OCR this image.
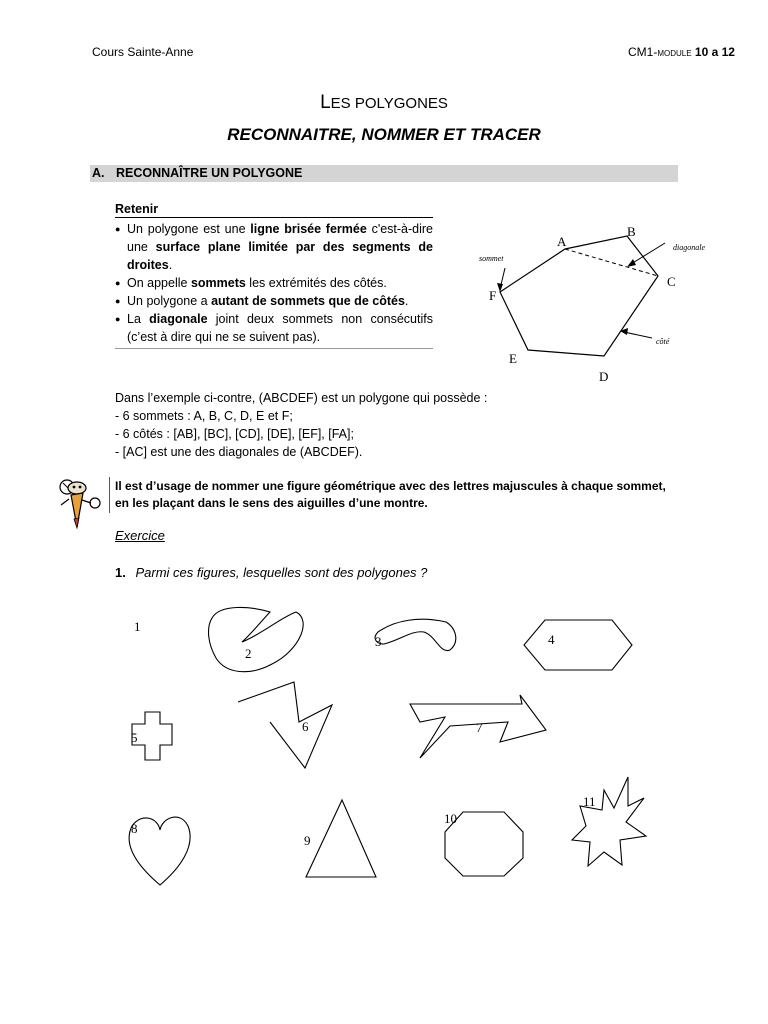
Cours Sainte-Anne	CM1-module 10 a 12
LES POLYGONES
RECONNAITRE, NOMMER ET TRACER
A. RECONNAÎTRE UN POLYGONE
Retenir
● Un polygone est une ligne brisée fermée c'est-à-dire une surface plane limitée par des segments de droites.
● On appelle sommets les extrémités des côtés.
● Un polygone a autant de sommets que de côtés.
● La diagonale joint deux sommets non consécutifs (c’est à dire qui ne se suivent pas).
A
B
C
D
E
F
sommet
diagonale
côté
Dans l’exemple ci-contre, (ABCDEF) est un polygone qui possède :
- 6 sommets : A, B, C, D, E et F;
- 6 côtés : [AB], [BC], [CD], [DE], [EF], [FA];
- [AC] est une des diagonales de (ABCDEF).
Il est d’usage de nommer une figure géométrique avec des lettres majuscules à chaque sommet,
en les plaçant dans le sens des aiguilles d’une montre.
Exercice
1. Parmi ces figures, lesquelles sont des polygones ?
1
2
3	4
5
6	7
8
9
10
11
